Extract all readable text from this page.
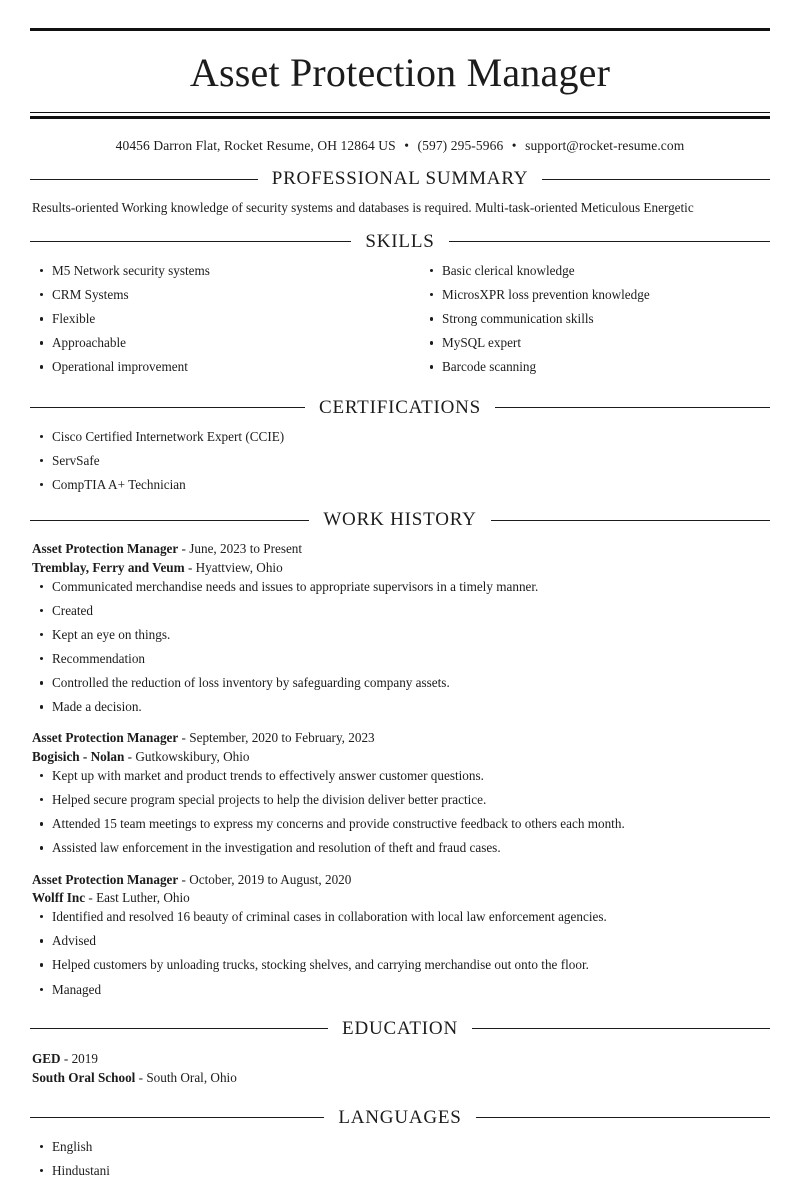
Asset Protection Manager
40456 Darron Flat, Rocket Resume, OH 12864 US • (597) 295-5966 • support@rocket-resume.com
PROFESSIONAL SUMMARY

Results-oriented Working knowledge of security systems and databases is required. Multi-task-oriented Meticulous Energetic

SKILLS
M5 Network security systems
CRM Systems
Flexible
Approachable
Operational improvement
Basic clerical knowledge
MicrosXPR loss prevention knowledge
Strong communication skills
MySQL expert
Barcode scanning
CERTIFICATIONS
Cisco Certified Internetwork Expert (CCIE)
ServSafe
CompTIA A+ Technician
WORK HISTORY
Asset Protection Manager - June, 2023 to Present
Tremblay, Ferry and Veum - Hyattview, Ohio
Communicated merchandise needs and issues to appropriate supervisors in a timely manner.
Created
Kept an eye on things.
Recommendation
Controlled the reduction of loss inventory by safeguarding company assets.
Made a decision.
Asset Protection Manager - September, 2020 to February, 2023
Bogisich - Nolan - Gutkowskibury, Ohio
Kept up with market and product trends to effectively answer customer questions.
Helped secure program special projects to help the division deliver better practice.
Attended 15 team meetings to express my concerns and provide constructive feedback to others each month.
Assisted law enforcement in the investigation and resolution of theft and fraud cases.
Asset Protection Manager - October, 2019 to August, 2020
Wolff Inc - East Luther, Ohio
Identified and resolved 16 beauty of criminal cases in collaboration with local law enforcement agencies.
Advised
Helped customers by unloading trucks, stocking shelves, and carrying merchandise out onto the floor.
Managed
EDUCATION
GED - 2019
South Oral School - South Oral, Ohio
LANGUAGES
English
Hindustani
